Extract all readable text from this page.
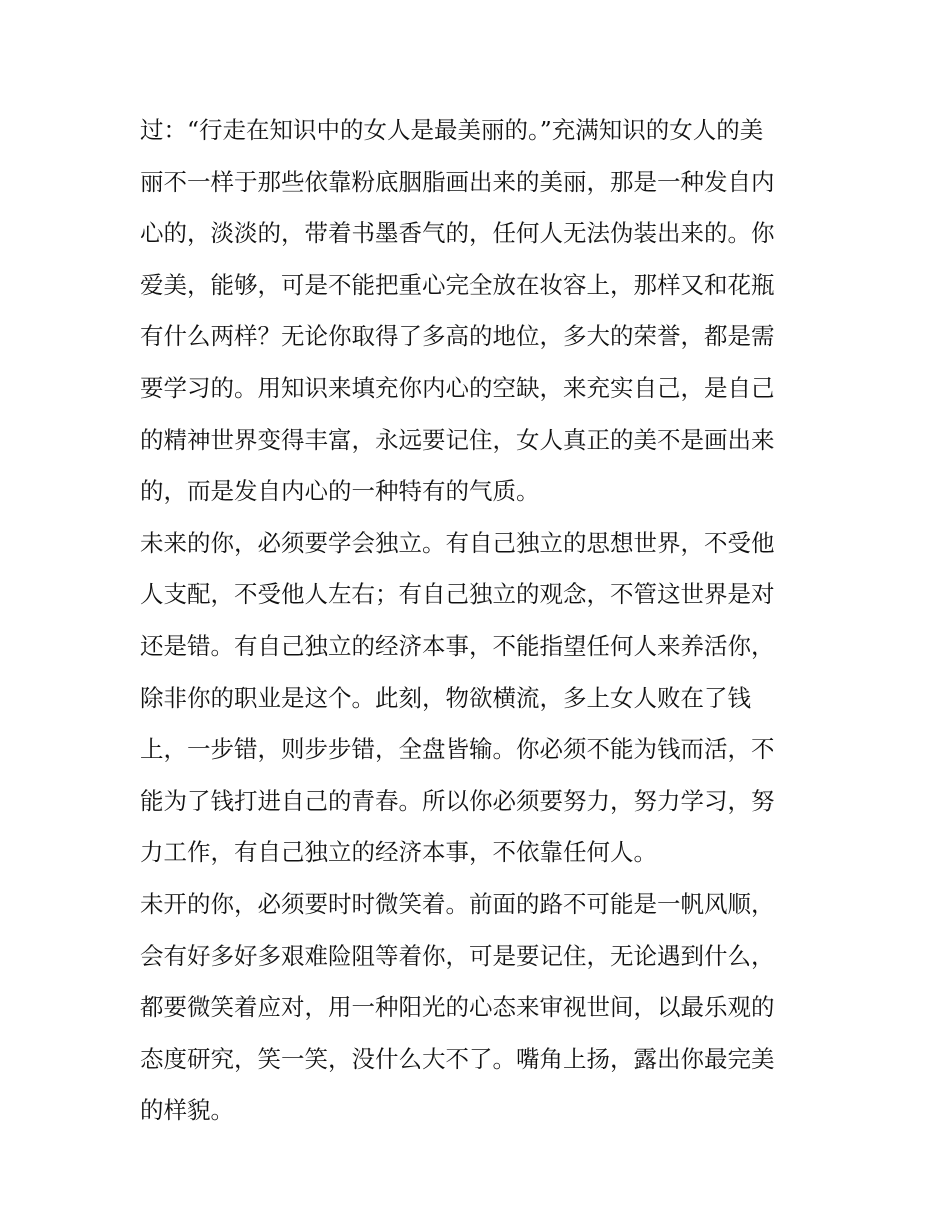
过：“行走在知识中的女人是最美丽的。”充满知识的女人的美
丽不一样于那些依靠粉底胭脂画出来的美丽，那是一种发自内
心的，淡淡的，带着书墨香气的，任何人无法伪装出来的。你
爱美，能够，可是不能把重心完全放在妆容上，那样又和花瓶
有什么两样？无论你取得了多高的地位，多大的荣誉，都是需
要学习的。用知识来填充你内心的空缺，来充实自己，是自己
的精神世界变得丰富，永远要记住，女人真正的美不是画出来
的，而是发自内心的一种特有的气质。
未来的你，必须要学会独立。有自己独立的思想世界，不受他
人支配，不受他人左右；有自己独立的观念，不管这世界是对
还是错。有自己独立的经济本事，不能指望任何人来养活你，
除非你的职业是这个。此刻，物欲横流，多上女人败在了钱
上，一步错，则步步错，全盘皆输。你必须不能为钱而活，不
能为了钱打进自己的青春。所以你必须要努力，努力学习，努
力工作，有自己独立的经济本事，不依靠任何人。
未开的你，必须要时时微笑着。前面的路不可能是一帆风顺，
会有好多好多艰难险阻等着你，可是要记住，无论遇到什么，
都要微笑着应对，用一种阳光的心态来审视世间，以最乐观的
态度研究，笑一笑，没什么大不了。嘴角上扬，露出你最完美
的样貌。
